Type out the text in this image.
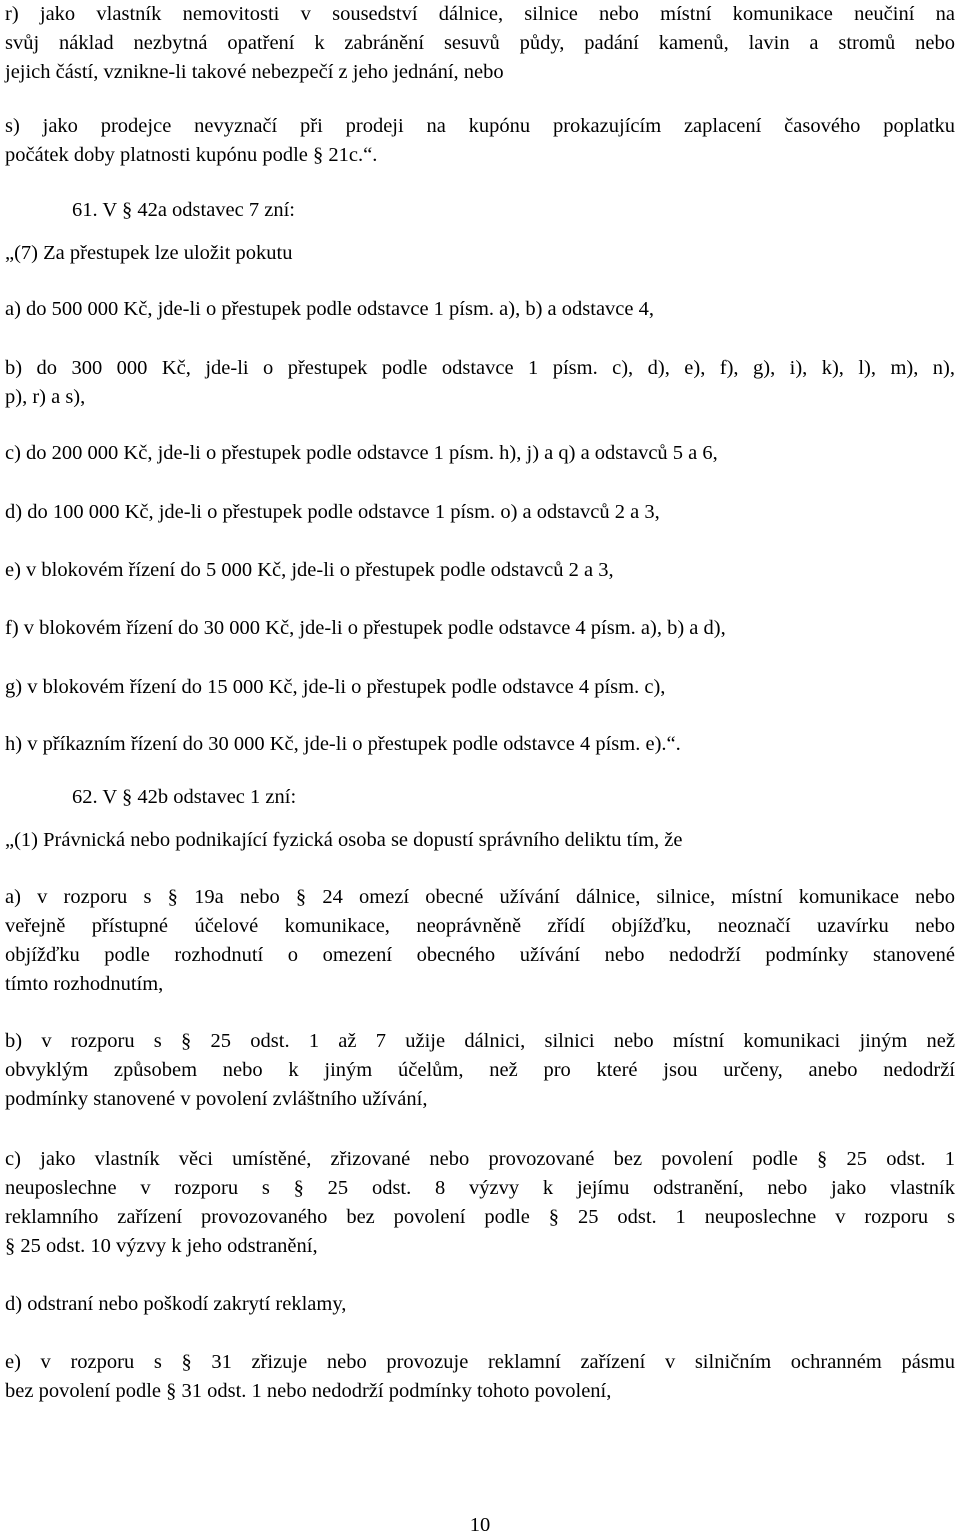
r) jako vlastník nemovitosti v sousedství dálnice, silnice nebo místní komunikace neučiní na
svůj náklad nezbytná opatření k zabránění sesuvů půdy, padání kamenů, lavin a stromů nebo
jejich částí, vznikne-li takové nebezpečí z jeho jednání, nebo
s) jako prodejce nevyznačí při prodeji na kupónu prokazujícím zaplacení časového poplatku
počátek doby platnosti kupónu podle § 21c.“.
61. V § 42a odstavec 7 zní:
„(7) Za přestupek lze uložit pokutu
a) do 500 000 Kč, jde-li o přestupek podle odstavce 1 písm. a), b) a odstavce 4,
b) do 300 000 Kč, jde-li o přestupek podle odstavce 1 písm. c), d), e), f), g), i), k), l), m), n),
p), r) a s),
c) do 200 000 Kč, jde-li o přestupek podle odstavce 1 písm. h), j) a q) a odstavců 5 a 6,
d) do 100 000 Kč, jde-li o přestupek podle odstavce 1 písm. o) a odstavců 2 a 3,
e) v blokovém řízení do 5 000 Kč, jde-li o přestupek podle odstavců 2 a 3,
f) v blokovém řízení do 30 000 Kč, jde-li o přestupek podle odstavce 4 písm. a), b) a d),
g) v blokovém řízení do 15 000 Kč, jde-li o přestupek podle odstavce 4 písm. c),
h) v příkazním řízení do 30 000 Kč, jde-li o přestupek podle odstavce 4 písm. e).“.
62. V § 42b odstavec 1 zní:
„(1) Právnická nebo podnikající fyzická osoba se dopustí správního deliktu tím, že
a) v rozporu s § 19a nebo § 24 omezí obecné užívání dálnice, silnice, místní komunikace nebo
veřejně přístupné účelové komunikace, neoprávněně zřídí objížďku, neoznačí uzavírku nebo
objížďku podle rozhodnutí o omezení obecného užívání nebo nedodrží podmínky stanovené
tímto rozhodnutím,
b) v rozporu s § 25 odst. 1 až 7 užije dálnici, silnici nebo místní komunikaci jiným než
obvyklým způsobem nebo k jiným účelům, než pro které jsou určeny, anebo nedodrží
podmínky stanovené v povolení zvláštního užívání,
c) jako vlastník věci umístěné, zřizované nebo provozované bez povolení podle § 25 odst. 1
neuposlechne v rozporu s § 25 odst. 8 výzvy k jejímu odstranění, nebo jako vlastník
reklamního zařízení provozovaného bez povolení podle § 25 odst. 1 neuposlechne v rozporu s
§ 25 odst. 10 výzvy k jeho odstranění,
d) odstraní nebo poškodí zakrytí reklamy,
e) v rozporu s § 31 zřizuje nebo provozuje reklamní zařízení v silničním ochranném pásmu
bez povolení podle § 31 odst. 1 nebo nedodrží podmínky tohoto povolení,
10
